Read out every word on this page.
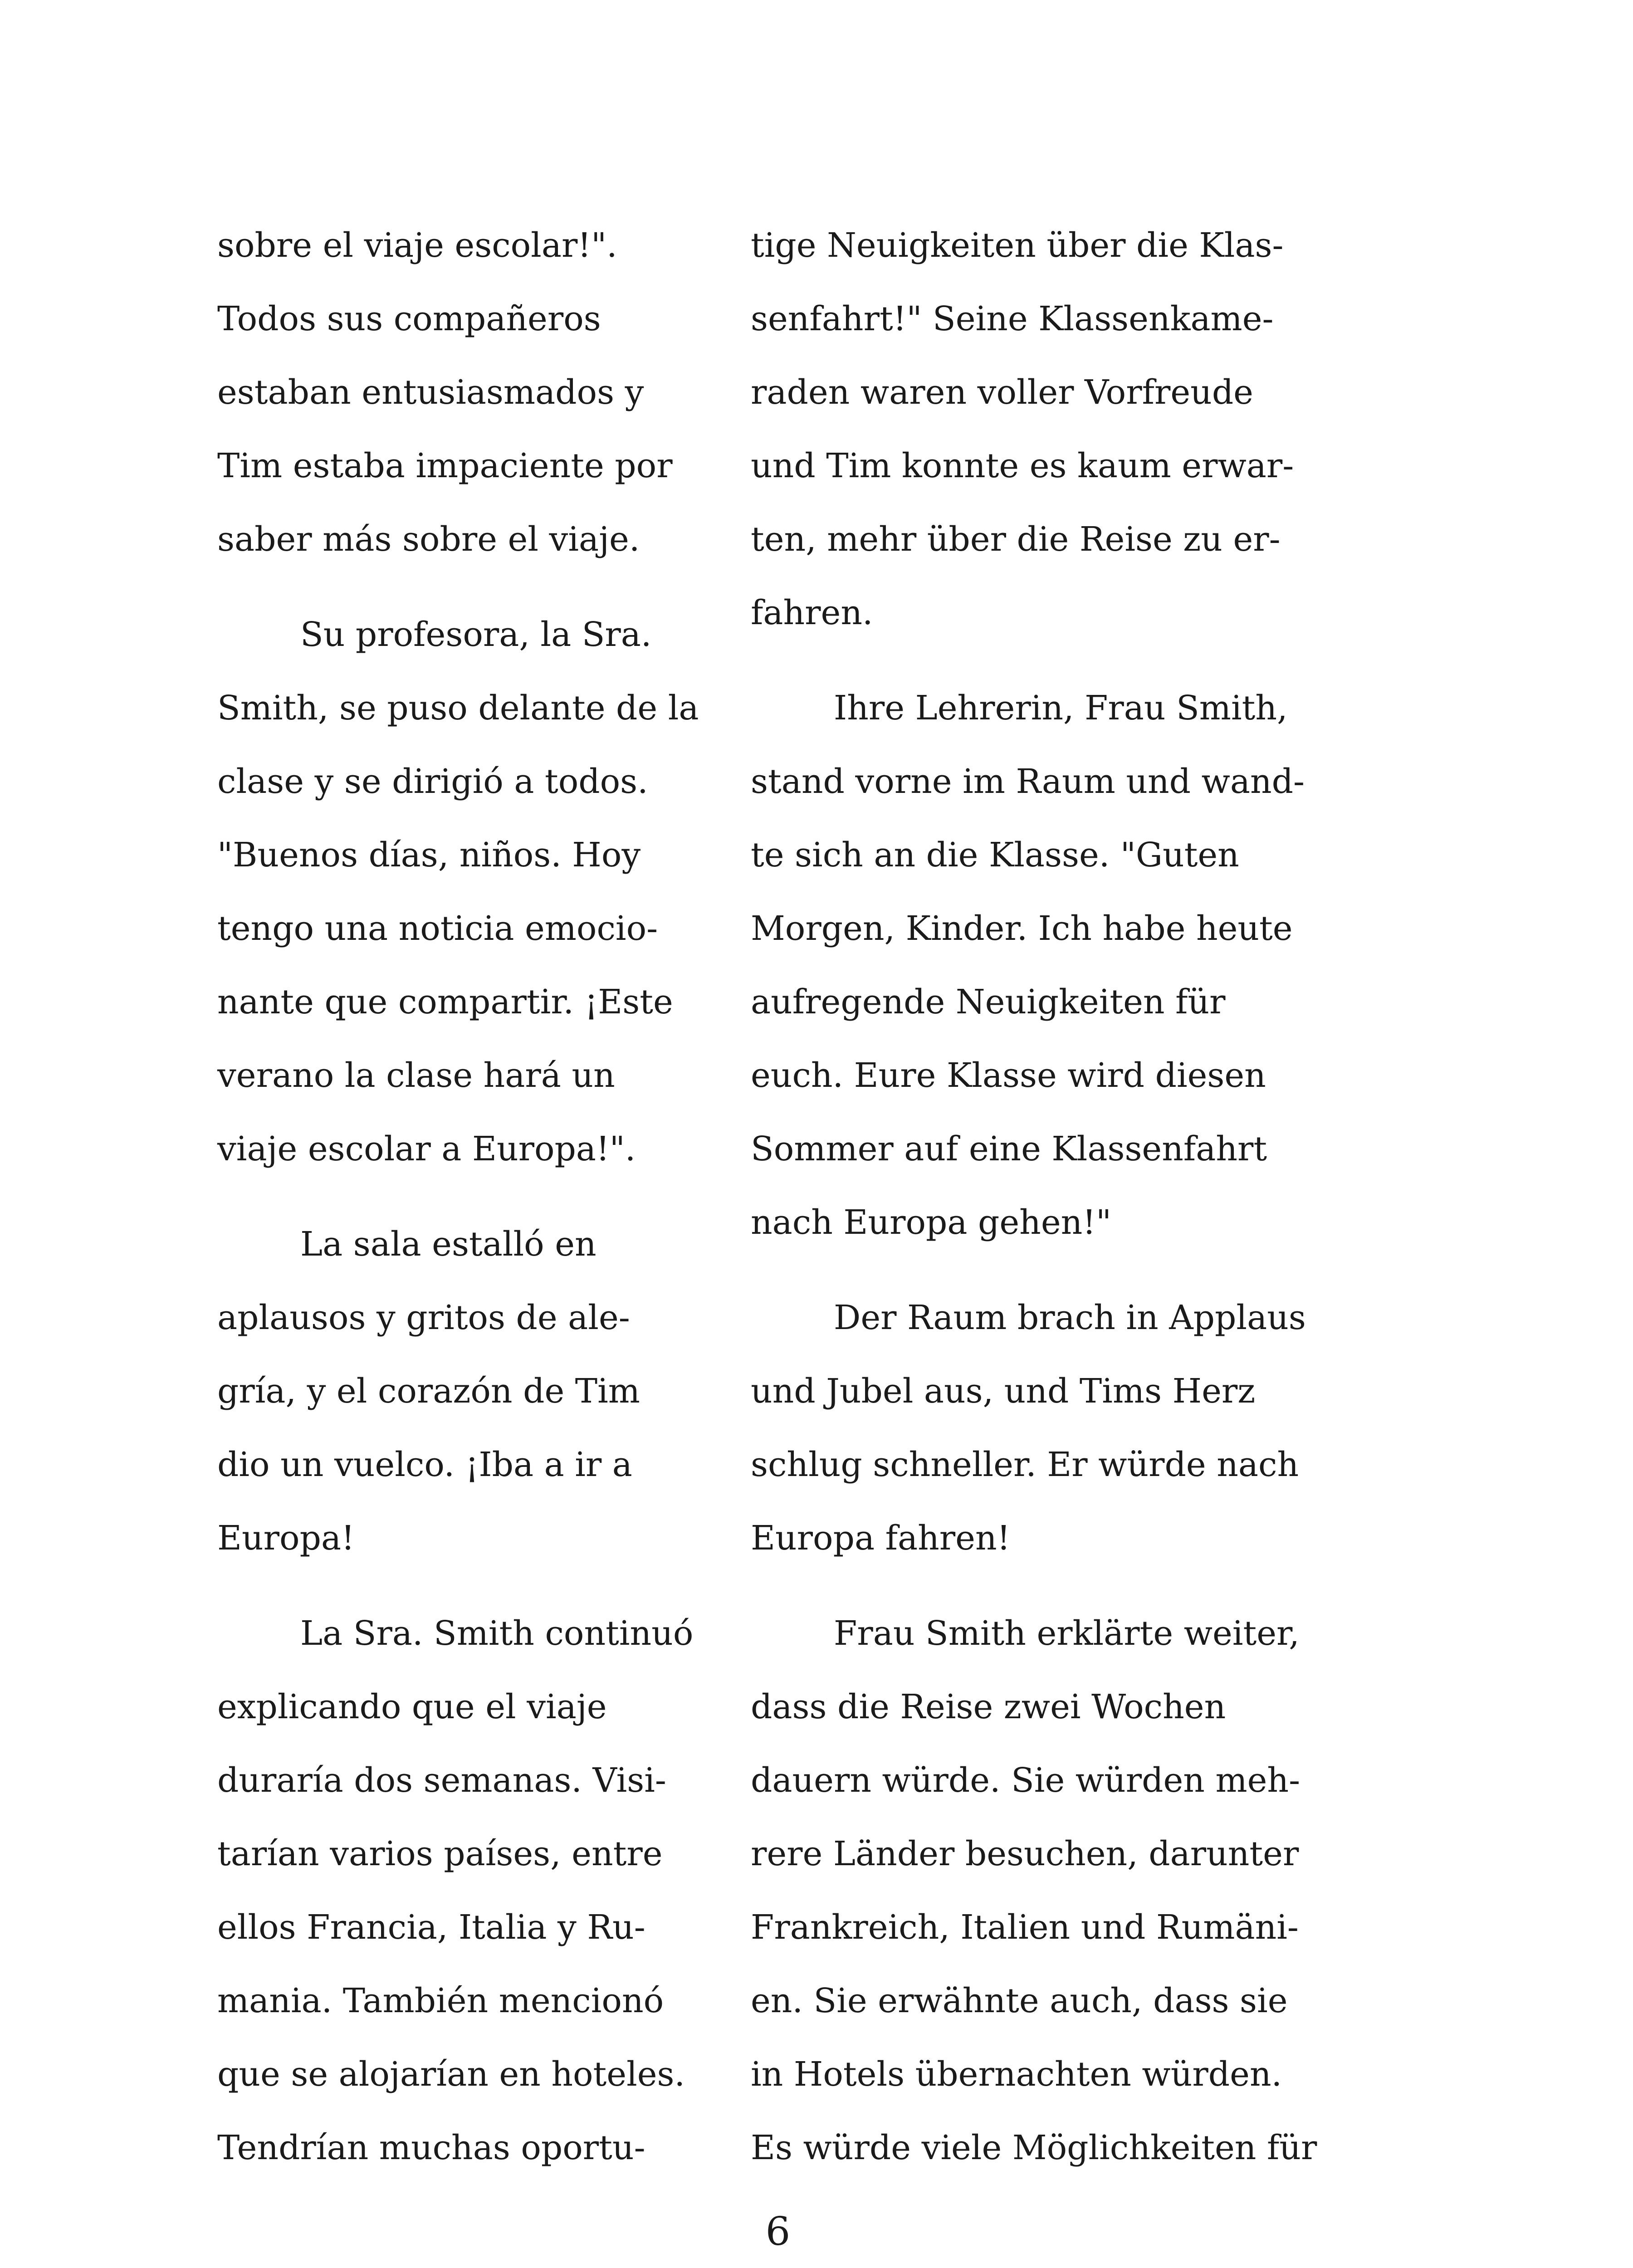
sobre el viaje escolar!".
Todos sus compañeros
estaban entusiasmados y
Tim estaba impaciente por
saber más sobre el viaje.
Su profesora, la Sra.
Smith, se puso delante de la
clase y se dirigió a todos.
"Buenos días, niños. Hoy
tengo una noticia emocio-
nante que compartir. ¡Este
verano la clase hará un
viaje escolar a Europa!".
La sala estalló en
aplausos y gritos de ale-
gría, y el corazón de Tim
dio un vuelco. ¡Iba a ir a
Europa!
La Sra. Smith continuó
explicando que el viaje
duraría dos semanas. Visi-
tarían varios países, entre
ellos Francia, Italia y Ru-
mania. También mencionó
que se alojarían en hoteles.
Tendrían muchas oportu-
tige Neuigkeiten über die Klas-
senfahrt!" Seine Klassenkame-
raden waren voller Vorfreude
und Tim konnte es kaum erwar-
ten, mehr über die Reise zu er-
fahren.
Ihre Lehrerin, Frau Smith,
stand vorne im Raum und wand-
te sich an die Klasse. "Guten
Morgen, Kinder. Ich habe heute
aufregende Neuigkeiten für
euch. Eure Klasse wird diesen
Sommer auf eine Klassenfahrt
nach Europa gehen!"
Der Raum brach in Applaus
und Jubel aus, und Tims Herz
schlug schneller. Er würde nach
Europa fahren!
Frau Smith erklärte weiter,
dass die Reise zwei Wochen
dauern würde. Sie würden meh-
rere Länder besuchen, darunter
Frankreich, Italien und Rumäni-
en. Sie erwähnte auch, dass sie
in Hotels übernachten würden.
Es würde viele Möglichkeiten für
6
